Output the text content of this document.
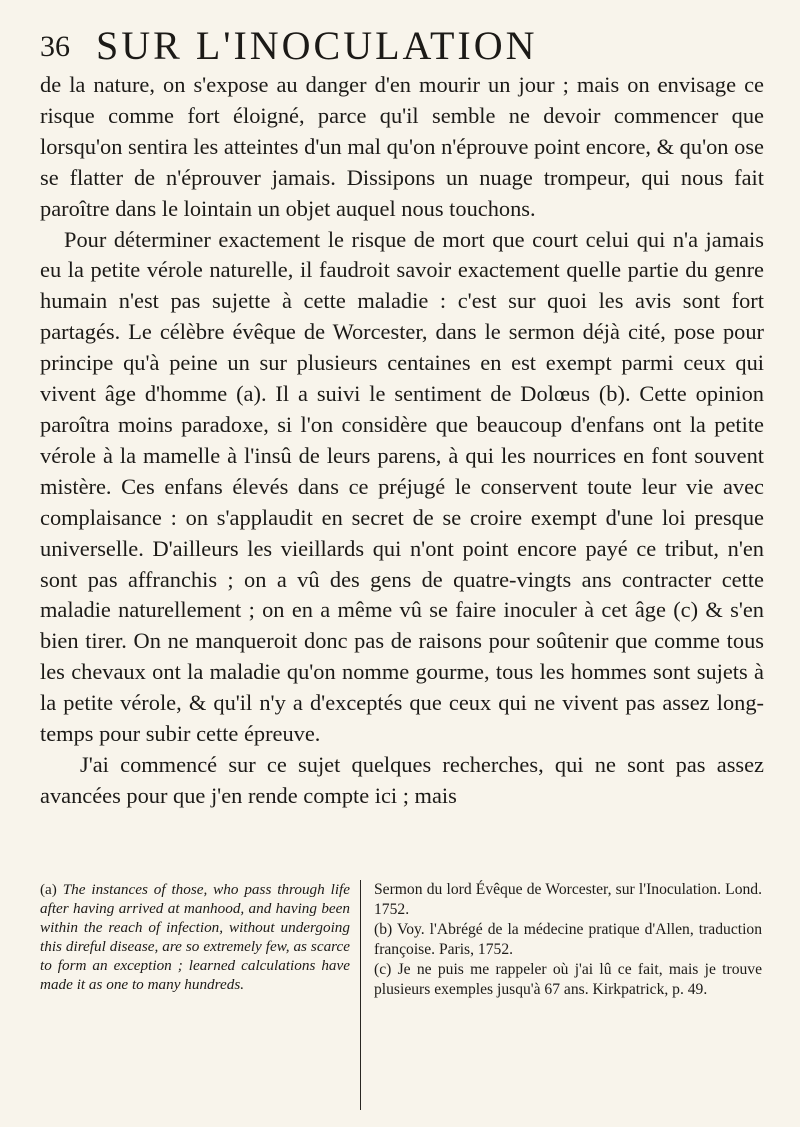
36 SUR L'INOCULATION

de la nature, on s'expose au danger d'en mourir un jour ; mais on envisage ce risque comme fort éloigné, parce qu'il semble ne devoir commencer que lorsqu'on sentira les atteintes d'un mal qu'on n'éprouve point encore, & qu'on ose se flatter de n'éprouver jamais. Dissipons un nuage trompeur, qui nous fait paroître dans le lointain un objet auquel nous touchons.

Pour déterminer exactement le risque de mort que court celui qui n'a jamais eu la petite vérole naturelle, il faudroit savoir exactement quelle partie du genre humain n'est pas sujette à cette maladie : c'est sur quoi les avis sont fort partagés. Le célèbre évêque de Worcester, dans le sermon déjà cité, pose pour principe qu'à peine un sur plusieurs centaines en est exempt parmi ceux qui vivent âge d'homme (a). Il a suivi le sentiment de Dolœus (b). Cette opinion paroîtra moins paradoxe, si l'on considère que beaucoup d'enfans ont la petite vérole à la mamelle à l'insû de leurs parens, à qui les nourrices en font souvent mistère. Ces enfans élevés dans ce préjugé le conservent toute leur vie avec complaisance : on s'applaudit en secret de se croire exempt d'une loi presque universelle. D'ailleurs les vieillards qui n'ont point encore payé ce tribut, n'en sont pas affranchis ; on a vû des gens de quatre-vingts ans contracter cette maladie naturellement ; on en a même vû se faire inoculer à cet âge (c) & s'en bien tirer. On ne manqueroit donc pas de raisons pour soûtenir que comme tous les chevaux ont la maladie qu'on nomme gourme, tous les hommes sont sujets à la petite vérole, & qu'il n'y a d'exceptés que ceux qui ne vivent pas assez long-temps pour subir cette épreuve.

J'ai commencé sur ce sujet quelques recherches, qui ne sont pas assez avancées pour que j'en rende compte ici ; mais

(a) The instances of those, who pass through life after having arrived at manhood, and having been within the reach of infection, without undergoing this direful disease, are so extremely few, as scarce to form an exception ; learned calculations have made it as one to many hundreds.

Sermon du lord Évêque de Worcester, sur l'Inoculation. Lond. 1752.

(b) Voy. l'Abrégé de la médecine pratique d'Allen, traduction françoise. Paris, 1752.

(c) Je ne puis me rappeler où j'ai lû ce fait, mais je trouve plusieurs exemples jusqu'à 67 ans. Kirkpatrick, p. 49.
